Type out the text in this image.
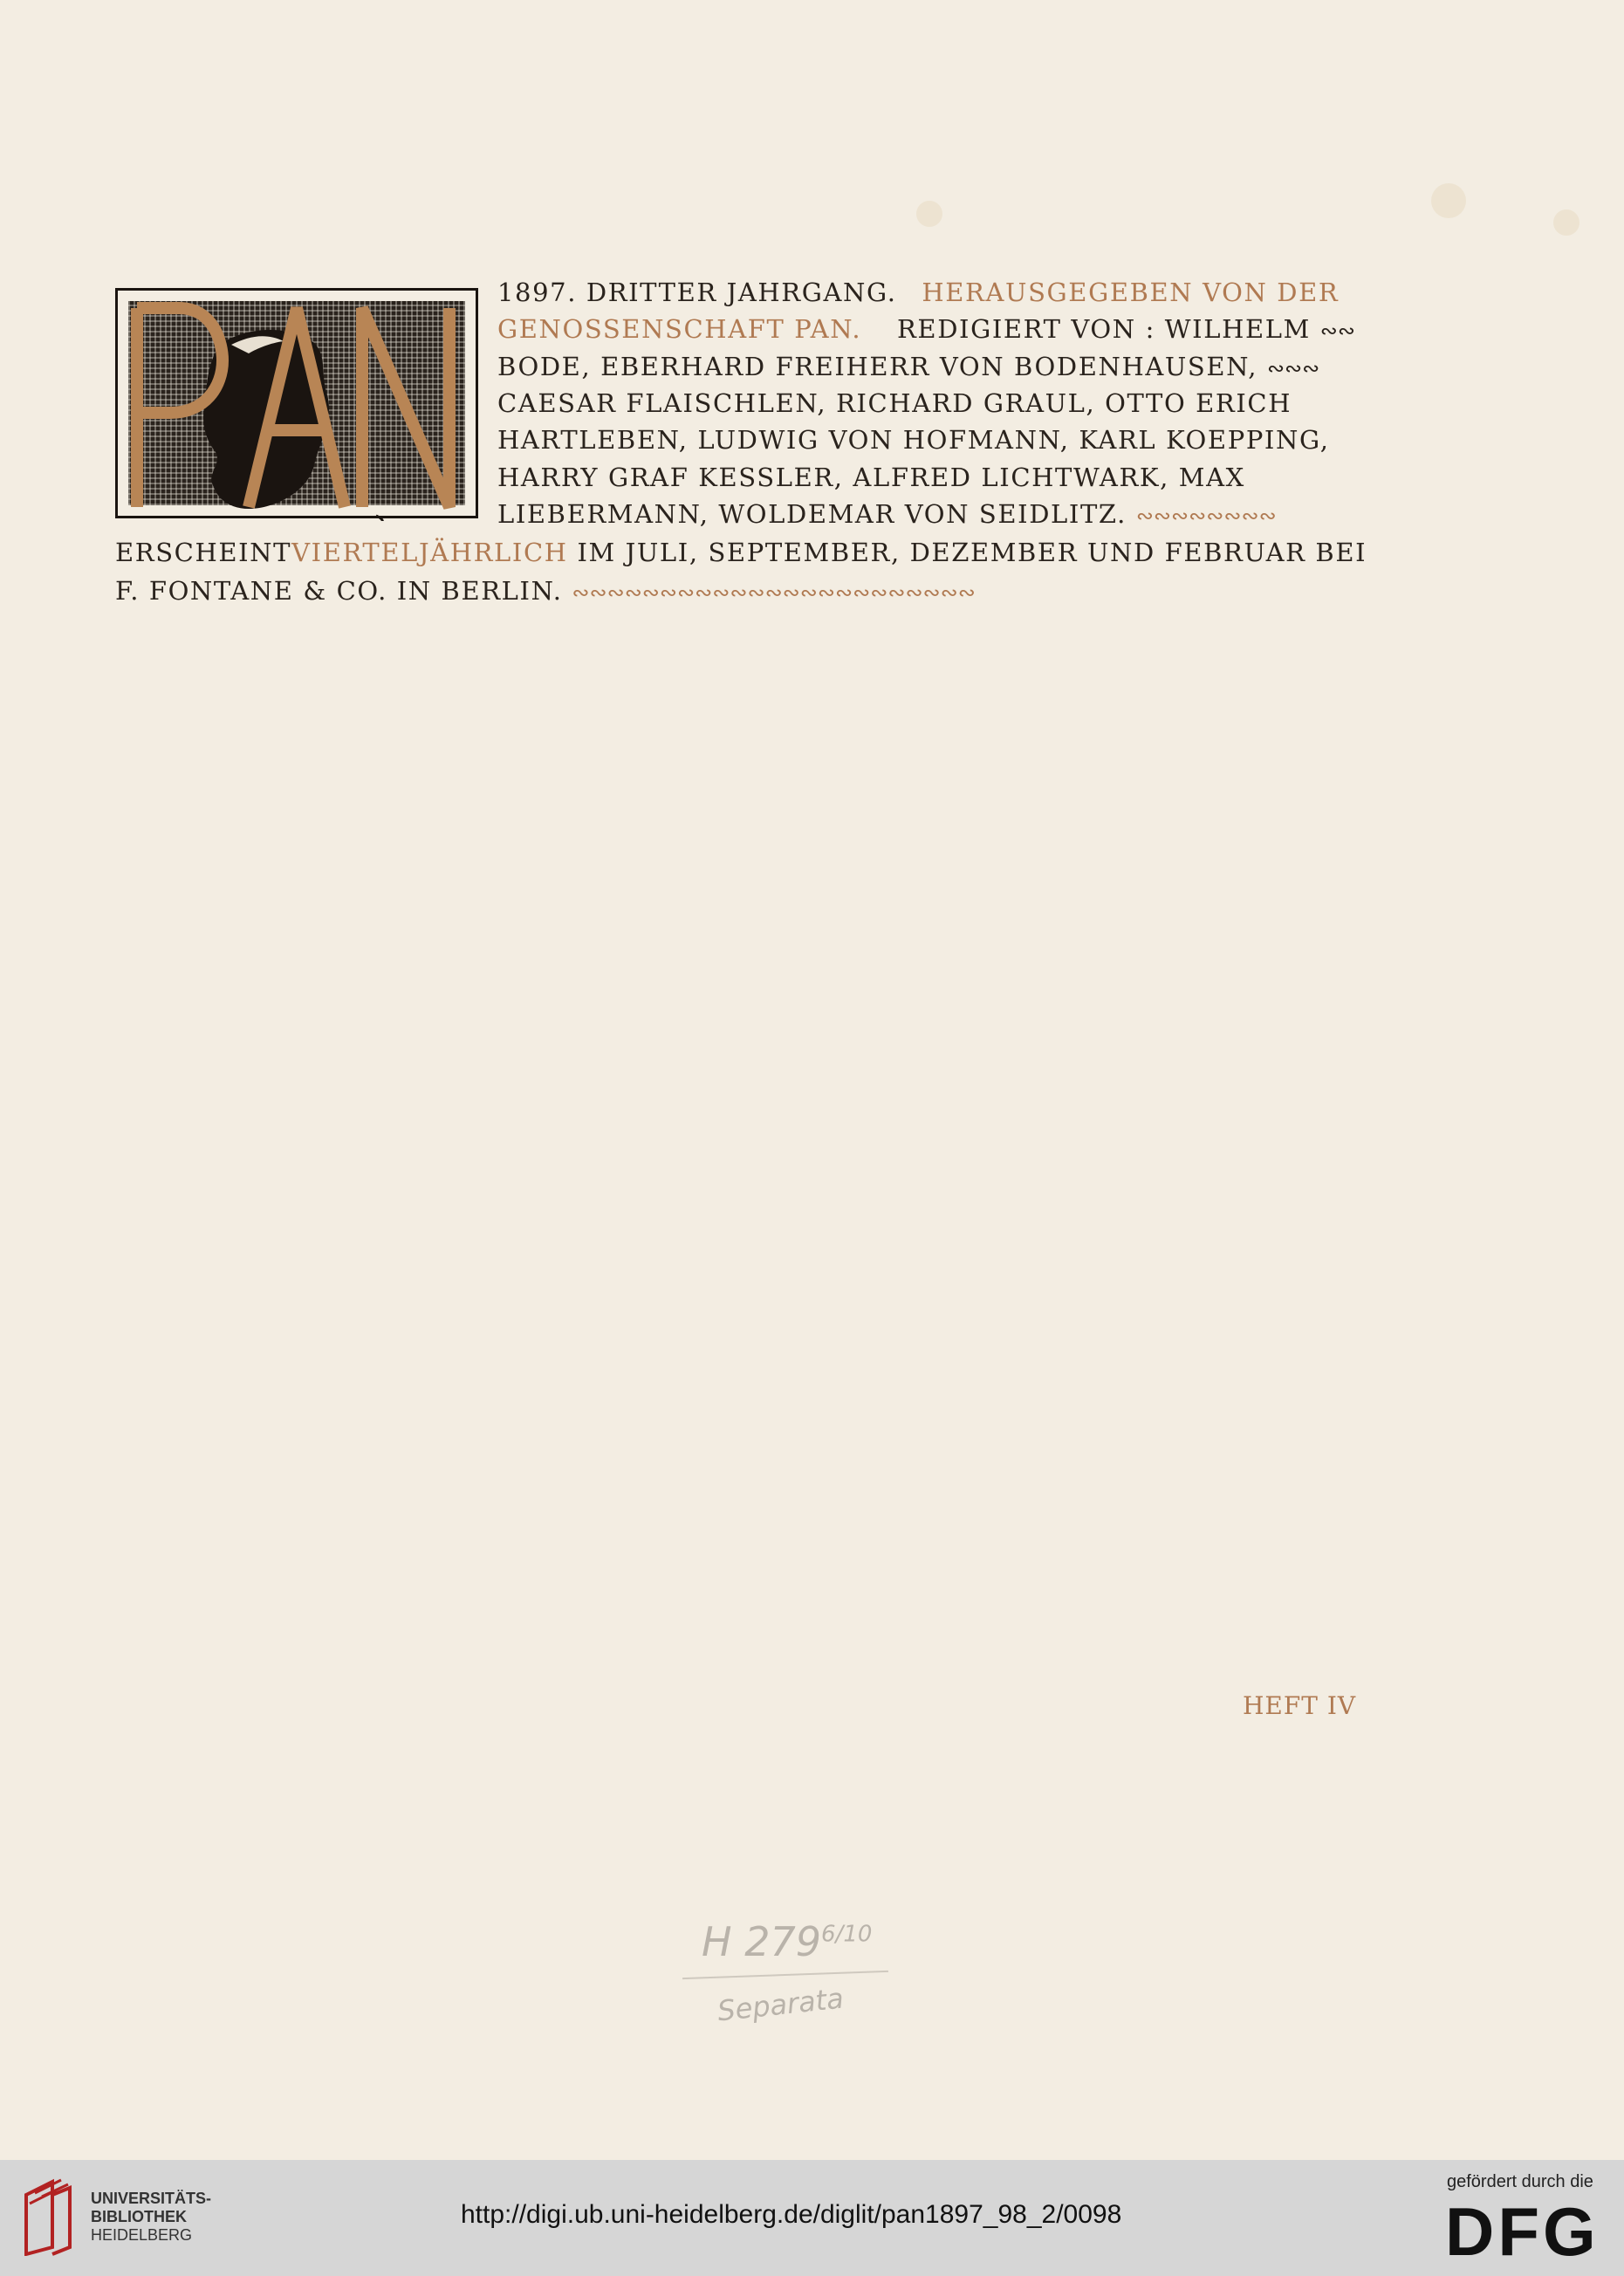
1897. DRITTER JAHRGANG. HERAUSGEGEBEN VON DER
GENOSSENSCHAFT PAN. REDIGIERT VON : WILHELM ∾∾
BODE, EBERHARD FREIHERR VON BODENHAUSEN, ∾∾∾
CAESAR FLAISCHLEN, RICHARD GRAUL, OTTO ERICH
HARTLEBEN, LUDWIG VON HOFMANN, KARL KOEPPING,
HARRY GRAF KESSLER, ALFRED LICHTWARK, MAX
LIEBERMANN, WOLDEMAR VON SEIDLITZ. ∾∾∾∾∾∾∾∾
ERSCHEINTVIERTELJÄHRLICH IM JULI, SEPTEMBER, DEZEMBER UND FEBRUAR BEI
F. FONTANE & CO. IN BERLIN. ∾∾∾∾∾∾∾∾∾∾∾∾∾∾∾∾∾∾∾∾∾∾∾
HEFT IV
H $279^{6/10}$
Separata
UNIVERSITÄTS-
BIBLIOTHEK
HEIDELBERG
http://digi.ub.uni-heidelberg.de/diglit/pan1897_98_2/0098
gefördert durch die
DFG
